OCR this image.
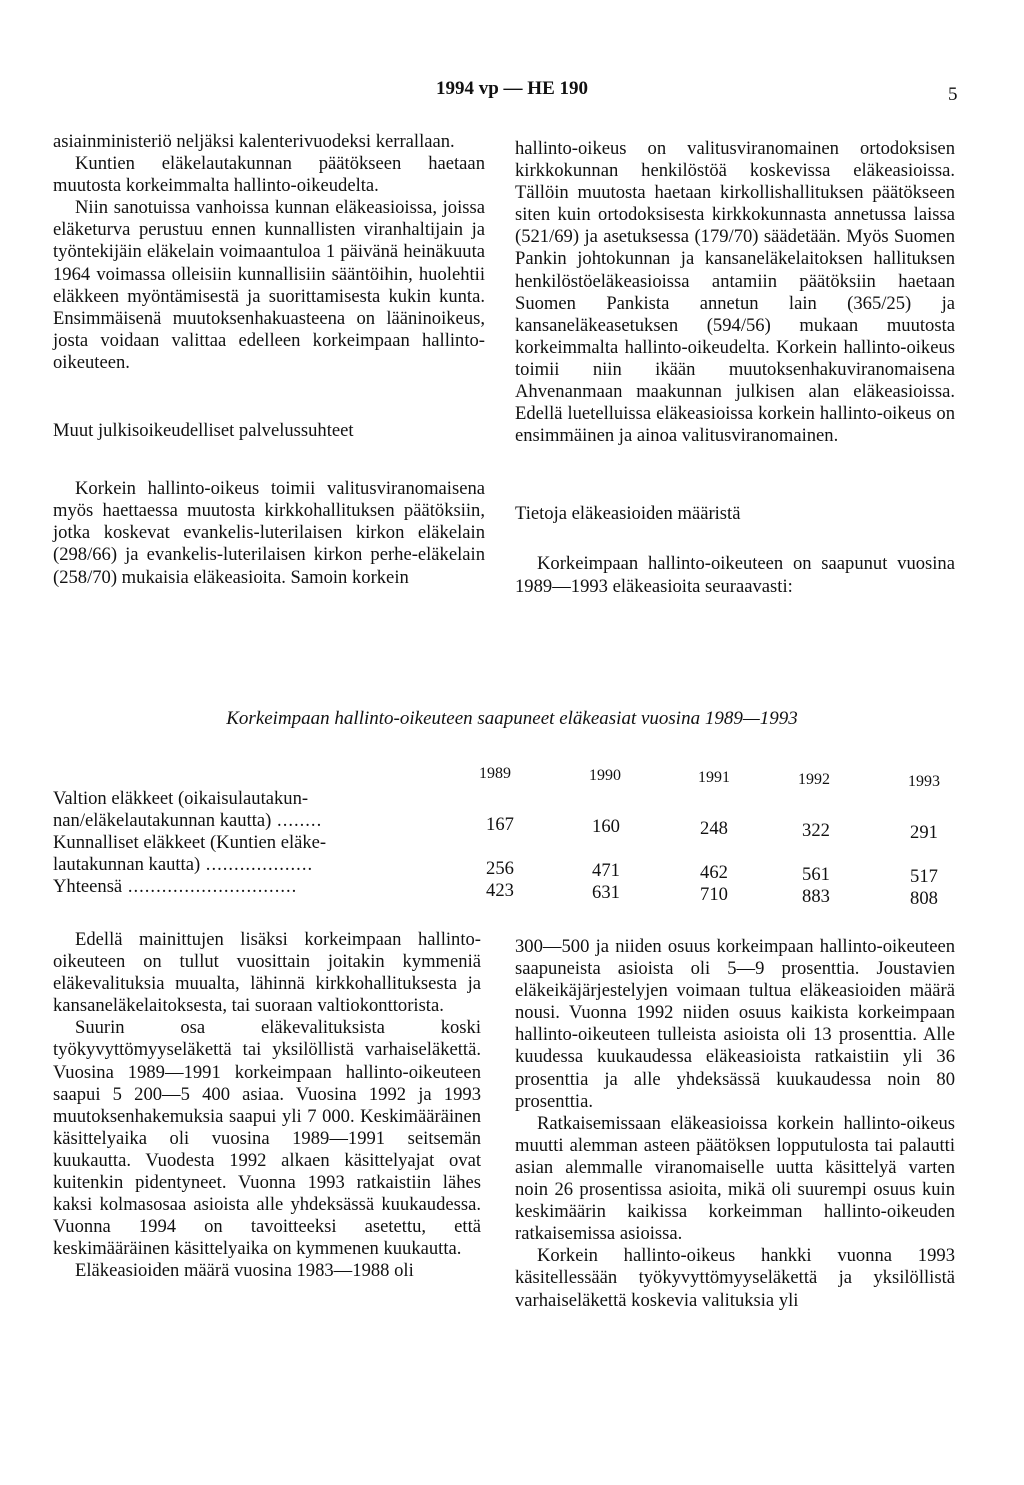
1994 vp — HE 190	5

asiainministeriö neljäksi kalenterivuodeksi kerrallaan.

Kuntien eläkelautakunnan päätökseen haetaan muutosta korkeimmalta hallinto-oikeudelta.

Niin sanotuissa vanhoissa kunnan eläkeasioissa, joissa eläketurva perustuu ennen kunnallisten viranhaltijain ja työntekijäin eläkelain voimaantuloa 1 päivänä heinäkuuta 1964 voimassa olleisiin kunnallisiin sääntöihin, huolehtii eläkkeen myöntämisestä ja suorittamisesta kukin kunta. Ensimmäisenä muutoksenhakuasteena on lääninoikeus, josta voidaan valittaa edelleen korkeimpaan hallinto-oikeuteen.

Muut julkisoikeudelliset palvelussuhteet

Korkein hallinto-oikeus toimii valitusviranomaisena myös haettaessa muutosta kirkkohallituksen päätöksiin, jotka koskevat evankelis-luterilaisen kirkon eläkelain (298/66) ja evankelis-luterilaisen kirkon perhe-eläkelain (258/70) mukaisia eläkeasioita. Samoin korkein

hallinto-oikeus on valitusviranomainen ortodoksisen kirkkokunnan henkilöstöä koskevissa eläkeasioissa. Tällöin muutosta haetaan kirkollishallituksen päätökseen siten kuin ortodoksisesta kirkkokunnasta annetussa laissa (521/69) ja asetuksessa (179/70) säädetään. Myös Suomen Pankin johtokunnan ja kansaneläkelaitoksen hallituksen henkilöstöeläkeasioissa antamiin päätöksiin haetaan Suomen Pankista annetun lain (365/25) ja kansaneläkeasetuksen (594/56) mukaan muutosta korkeimmalta hallinto-oikeudelta. Korkein hallinto-oikeus toimii niin ikään muutoksenhakuviranomaisena Ahvenanmaan maakunnan julkisen alan eläkeasioissa. Edellä luetelluissa eläkeasioissa korkein hallinto-oikeus on ensimmäinen ja ainoa valitusviranomainen.

Tietoja eläkeasioiden määristä

Korkeimpaan hallinto-oikeuteen on saapunut vuosina 1989—1993 eläkeasioita seuraavasti:

Korkeimpaan hallinto-oikeuteen saapuneet eläkeasiat vuosina 1989—1993
1989	1990	1991	1992	1993
Valtion eläkkeet (oikaisulautakun-
nan/eläkelautakunnan kautta) ........	167	160	248	322	291
Kunnalliset eläkkeet (Kuntien eläke-
lautakunnan kautta) ...................	256	471	462	561	517
Yhteensä ..............................	423	631	710	883	808

Edellä mainittujen lisäksi korkeimpaan hallinto-oikeuteen on tullut vuosittain joitakin kymmeniä eläkevalituksia muualta, lähinnä kirkkohallituksesta ja kansaneläkelaitoksesta, tai suoraan valtiokonttorista.

Suurin osa eläkevalituksista koski työkyvyttömyyseläkettä tai yksilöllistä varhaiseläkettä. Vuosina 1989—1991 korkeimpaan hallinto-oikeuteen saapui 5 200—5 400 asiaa. Vuosina 1992 ja 1993 muutoksenhakemuksia saapui yli 7 000. Keskimääräinen käsittelyaika oli vuosina 1989—1991 seitsemän kuukautta. Vuodesta 1992 alkaen käsittelyajat ovat kuitenkin pidentyneet. Vuonna 1993 ratkaistiin lähes kaksi kolmasosaa asioista alle yhdeksässä kuukaudessa. Vuonna 1994 on tavoitteeksi asetettu, että keskimääräinen käsittelyaika on kymmenen kuukautta.

Eläkeasioiden määrä vuosina 1983—1988 oli

300—500 ja niiden osuus korkeimpaan hallinto-oikeuteen saapuneista asioista oli 5—9 prosenttia. Joustavien eläkeikäjärjestelyjen voimaan tultua eläkeasioiden määrä nousi. Vuonna 1992 niiden osuus kaikista korkeimpaan hallinto-oikeuteen tulleista asioista oli 13 prosenttia. Alle kuudessa kuukaudessa eläkeasioista ratkaistiin yli 36 prosenttia ja alle yhdeksässä kuukaudessa noin 80 prosenttia.

Ratkaisemissaan eläkeasioissa korkein hallinto-oikeus muutti alemman asteen päätöksen lopputulosta tai palautti asian alemmalle viranomaiselle uutta käsittelyä varten noin 26 prosentissa asioita, mikä oli suurempi osuus kuin keskimäärin kaikissa korkeimman hallinto-oikeuden ratkaisemissa asioissa.

Korkein hallinto-oikeus hankki vuonna 1993 käsitellessään työkyvyttömyyseläkettä ja yksilöllistä varhaiseläkettä koskevia valituksia yli
